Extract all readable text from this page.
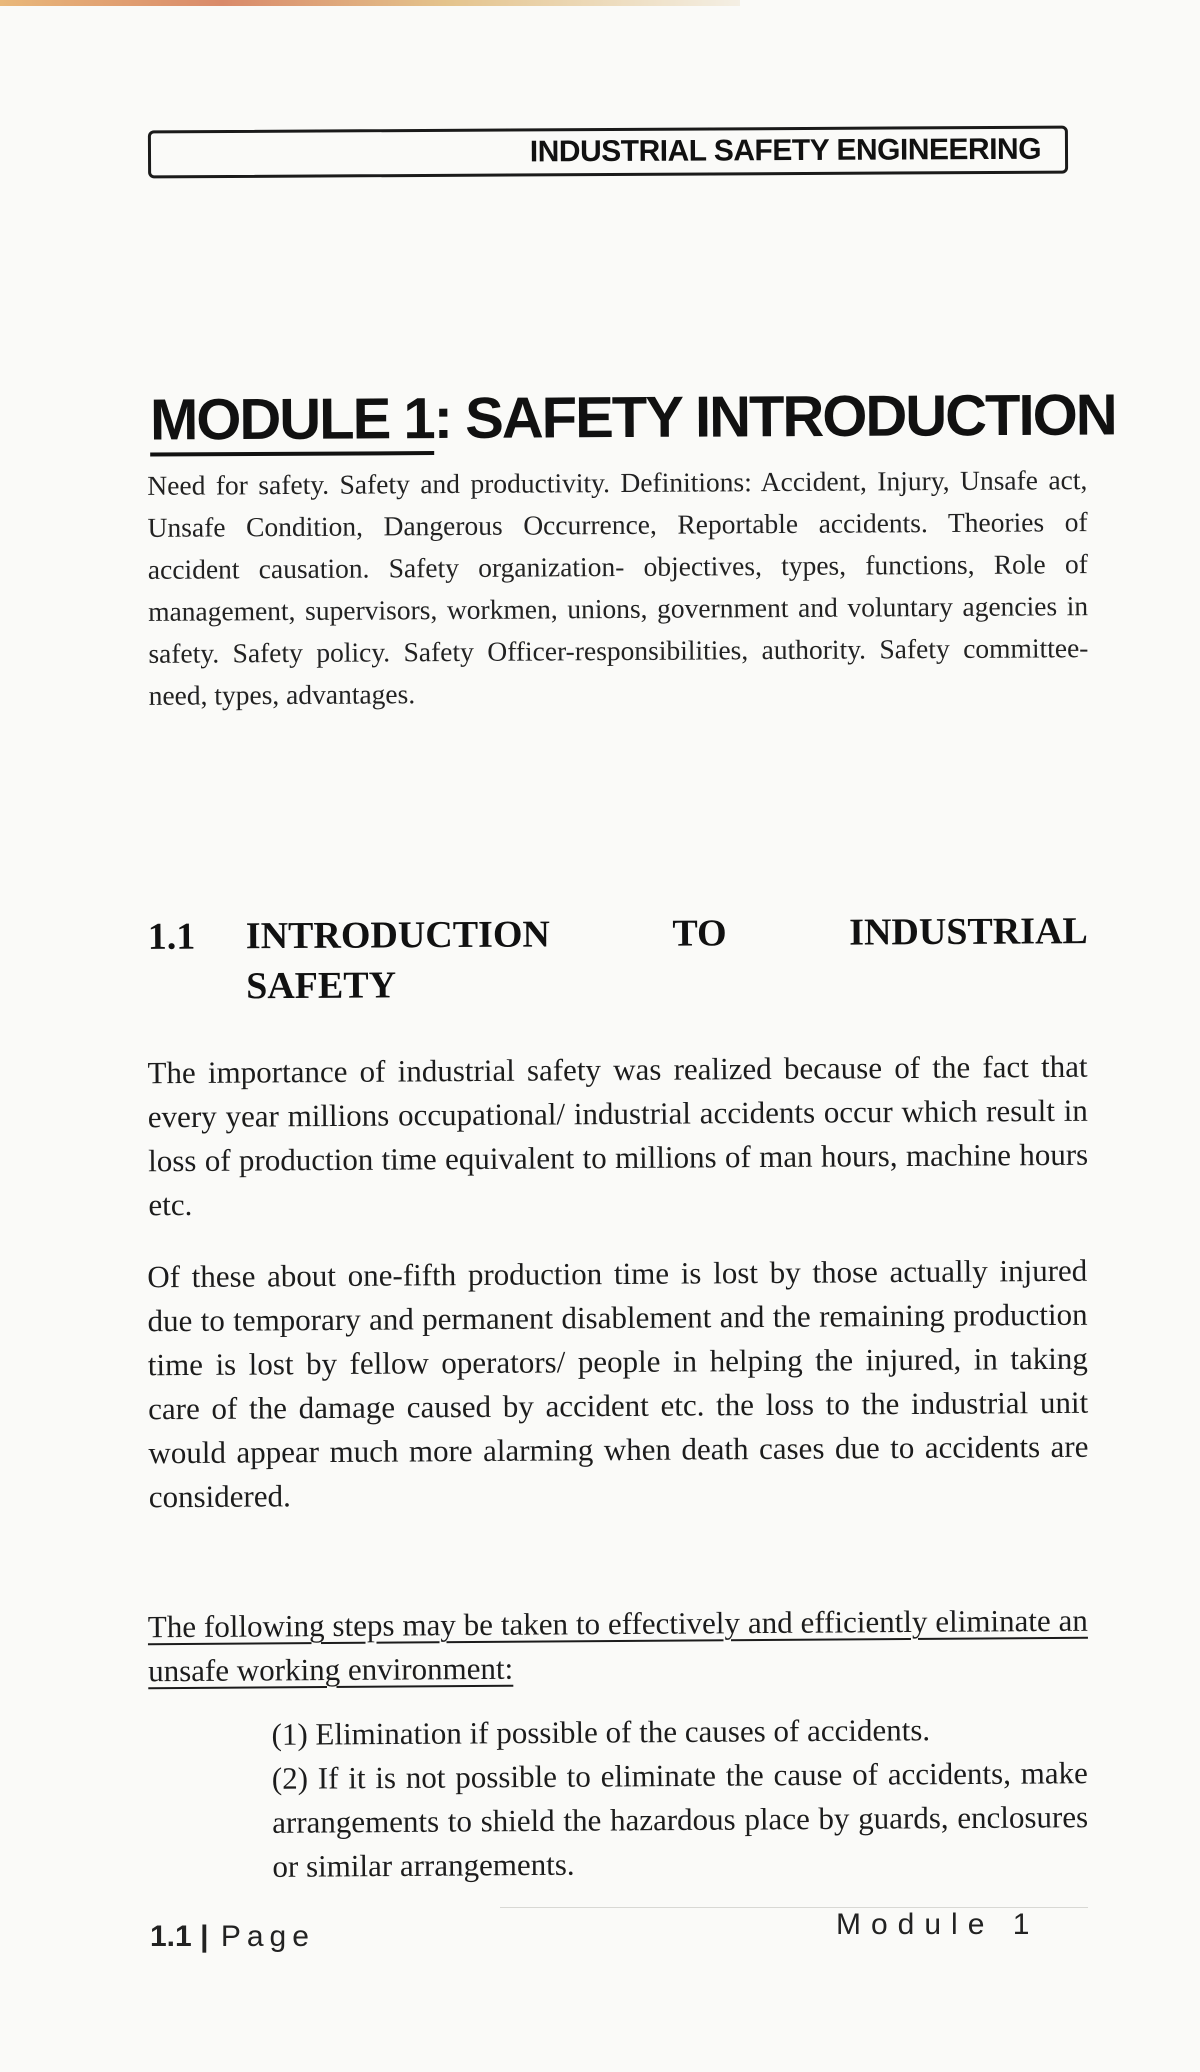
INDUSTRIAL SAFETY ENGINEERING
MODULE 1: SAFETY INTRODUCTION
Need for safety. Safety and productivity. Definitions: Accident, Injury, Unsafe act, Unsafe Condition, Dangerous Occurrence, Reportable accidents. Theories of accident causation. Safety organization- objectives, types, functions, Role of management, supervisors, workmen, unions, government and voluntary agencies in safety. Safety policy. Safety Officer-responsibilities, authority. Safety committee-need, types, advantages.
1.1 INTRODUCTION	TO	INDUSTRIAL
SAFETY
The importance of industrial safety was realized because of the fact that every year millions occupational/ industrial accidents occur which result in loss of production time equivalent to millions of man hours, machine hours etc.
Of these about one-fifth production time is lost by those actually injured due to temporary and permanent disablement and the remaining production time is lost by fellow operators/ people in helping the injured, in taking care of the damage caused by accident etc. the loss to the industrial unit would appear much more alarming when death cases due to accidents are considered.
The following steps may be taken to effectively and efficiently eliminate an unsafe working environment:
(1) Elimination if possible of the causes of accidents.
(2) If it is not possible to eliminate the cause of accidents, make arrangements to shield the hazardous place by guards, enclosures or similar arrangements.
1.1 | Page	Module 1
